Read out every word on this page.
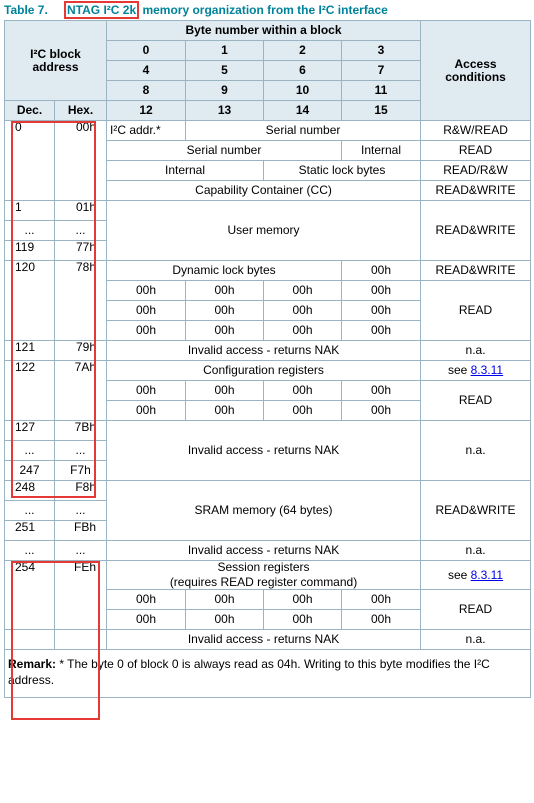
Table 7. NTAG I²C 2k memory organization from the I²C interface
I²C block address		Byte number within a block				Access conditions
		0	1	2	3	
		4	5	6	7	
		8	9	10	11	
Dec.	Hex.	12	13	14	15	
0	00h	I²C addr.*	Serial number			R&W/READ
		Serial number			Internal	READ
		Internal		Static lock bytes		READ/R&W
		Capability Container (CC)				READ&WRITE
1	01h	User memory				READ&WRITE
...	...					
119	77h					
120	78h	Dynamic lock bytes			00h	READ&WRITE
		00h	00h	00h	00h	READ
		00h	00h	00h	00h	
		00h	00h	00h	00h	
121	79h	Invalid access - returns NAK				n.a.

122	7Ah	Configuration registers				see 8.3.11

		00h	00h	00h	00h	READ
		00h	00h	00h	00h	
127	7Bh	Invalid access - returns NAK				n.a.
...	...					
247	F7h					
248	F8h	SRAM memory (64 bytes)				READ&WRITE
...	...					
251	FBh					
...	...	Invalid access - returns NAK				n.a.
254	FEh	Session registers
(requires READ register command)				see 8.3.11

		00h	00h	00h	00h	READ
		00h	00h	00h	00h	
		Invalid access - returns NAK				n.a.
Remark: * The byte 0 of block 0 is always read as 04h. Writing to this byte modifies the I²C address.						
